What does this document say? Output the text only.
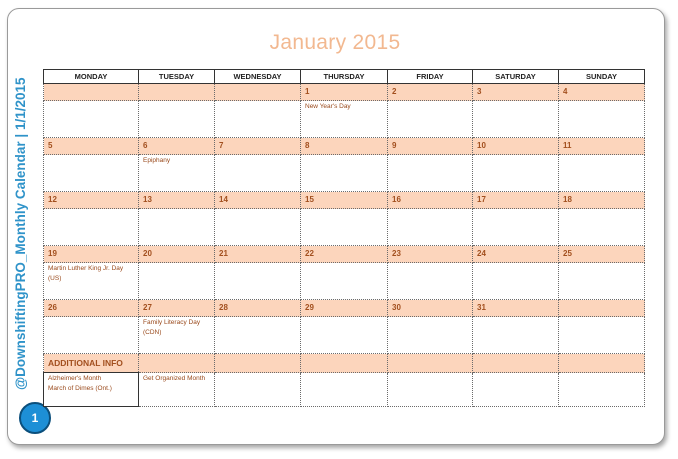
January 2015
@DownshiftingPRO_Monthly Calendar | 1/1/2015
1
MONDAY	TUESDAY	WEDNESDAY	THURSDAY	FRIDAY	SATURDAY	SUNDAY
			1	2	3	4

			New Year's Day			

5	6	7	8	9	10	11

	Epiphany					

12	13	14	15	16	17	18

19	20	21	22	23	24	25

Martin Luther King Jr. Day (US)						

26	27	28	29	30	31	

	Family Literacy Day (CDN)					

ADDITIONAL INFO						

Alzheimer's Month
March of Dimes (Ont.)	Get Organized Month					
